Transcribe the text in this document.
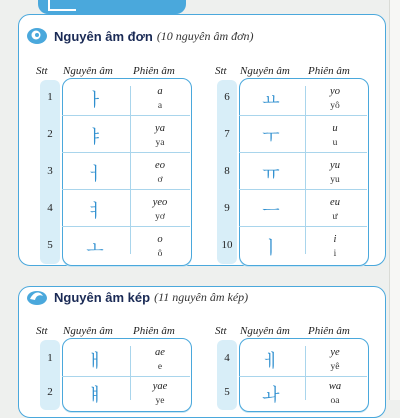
Nguyên âm đơn (10 nguyên âm đơn)
Nguyên âm kép (11 nguyên âm kép)
Stt Nguyên âm Phiên âm
1	ㅏ	a
a
2	ㅑ	ya
ya
3	ㅓ	eo
ơ
4	ㅕ	yeo
yơ
5	ㅗ	o
ô
Stt Nguyên âm Phiên âm
6	ㅛ	yo
yô
7	ㅜ	u
u
8	ㅠ	yu
yu
9	ㅡ	eu
ư
10	ㅣ	i
i
Stt Nguyên âm Phiên âm
1	ㅐ	ae
e
2	ㅒ	yae
ye
Stt Nguyên âm Phiên âm
4	ㅔ	ye
yê
5	ㅘ	wa
oa
